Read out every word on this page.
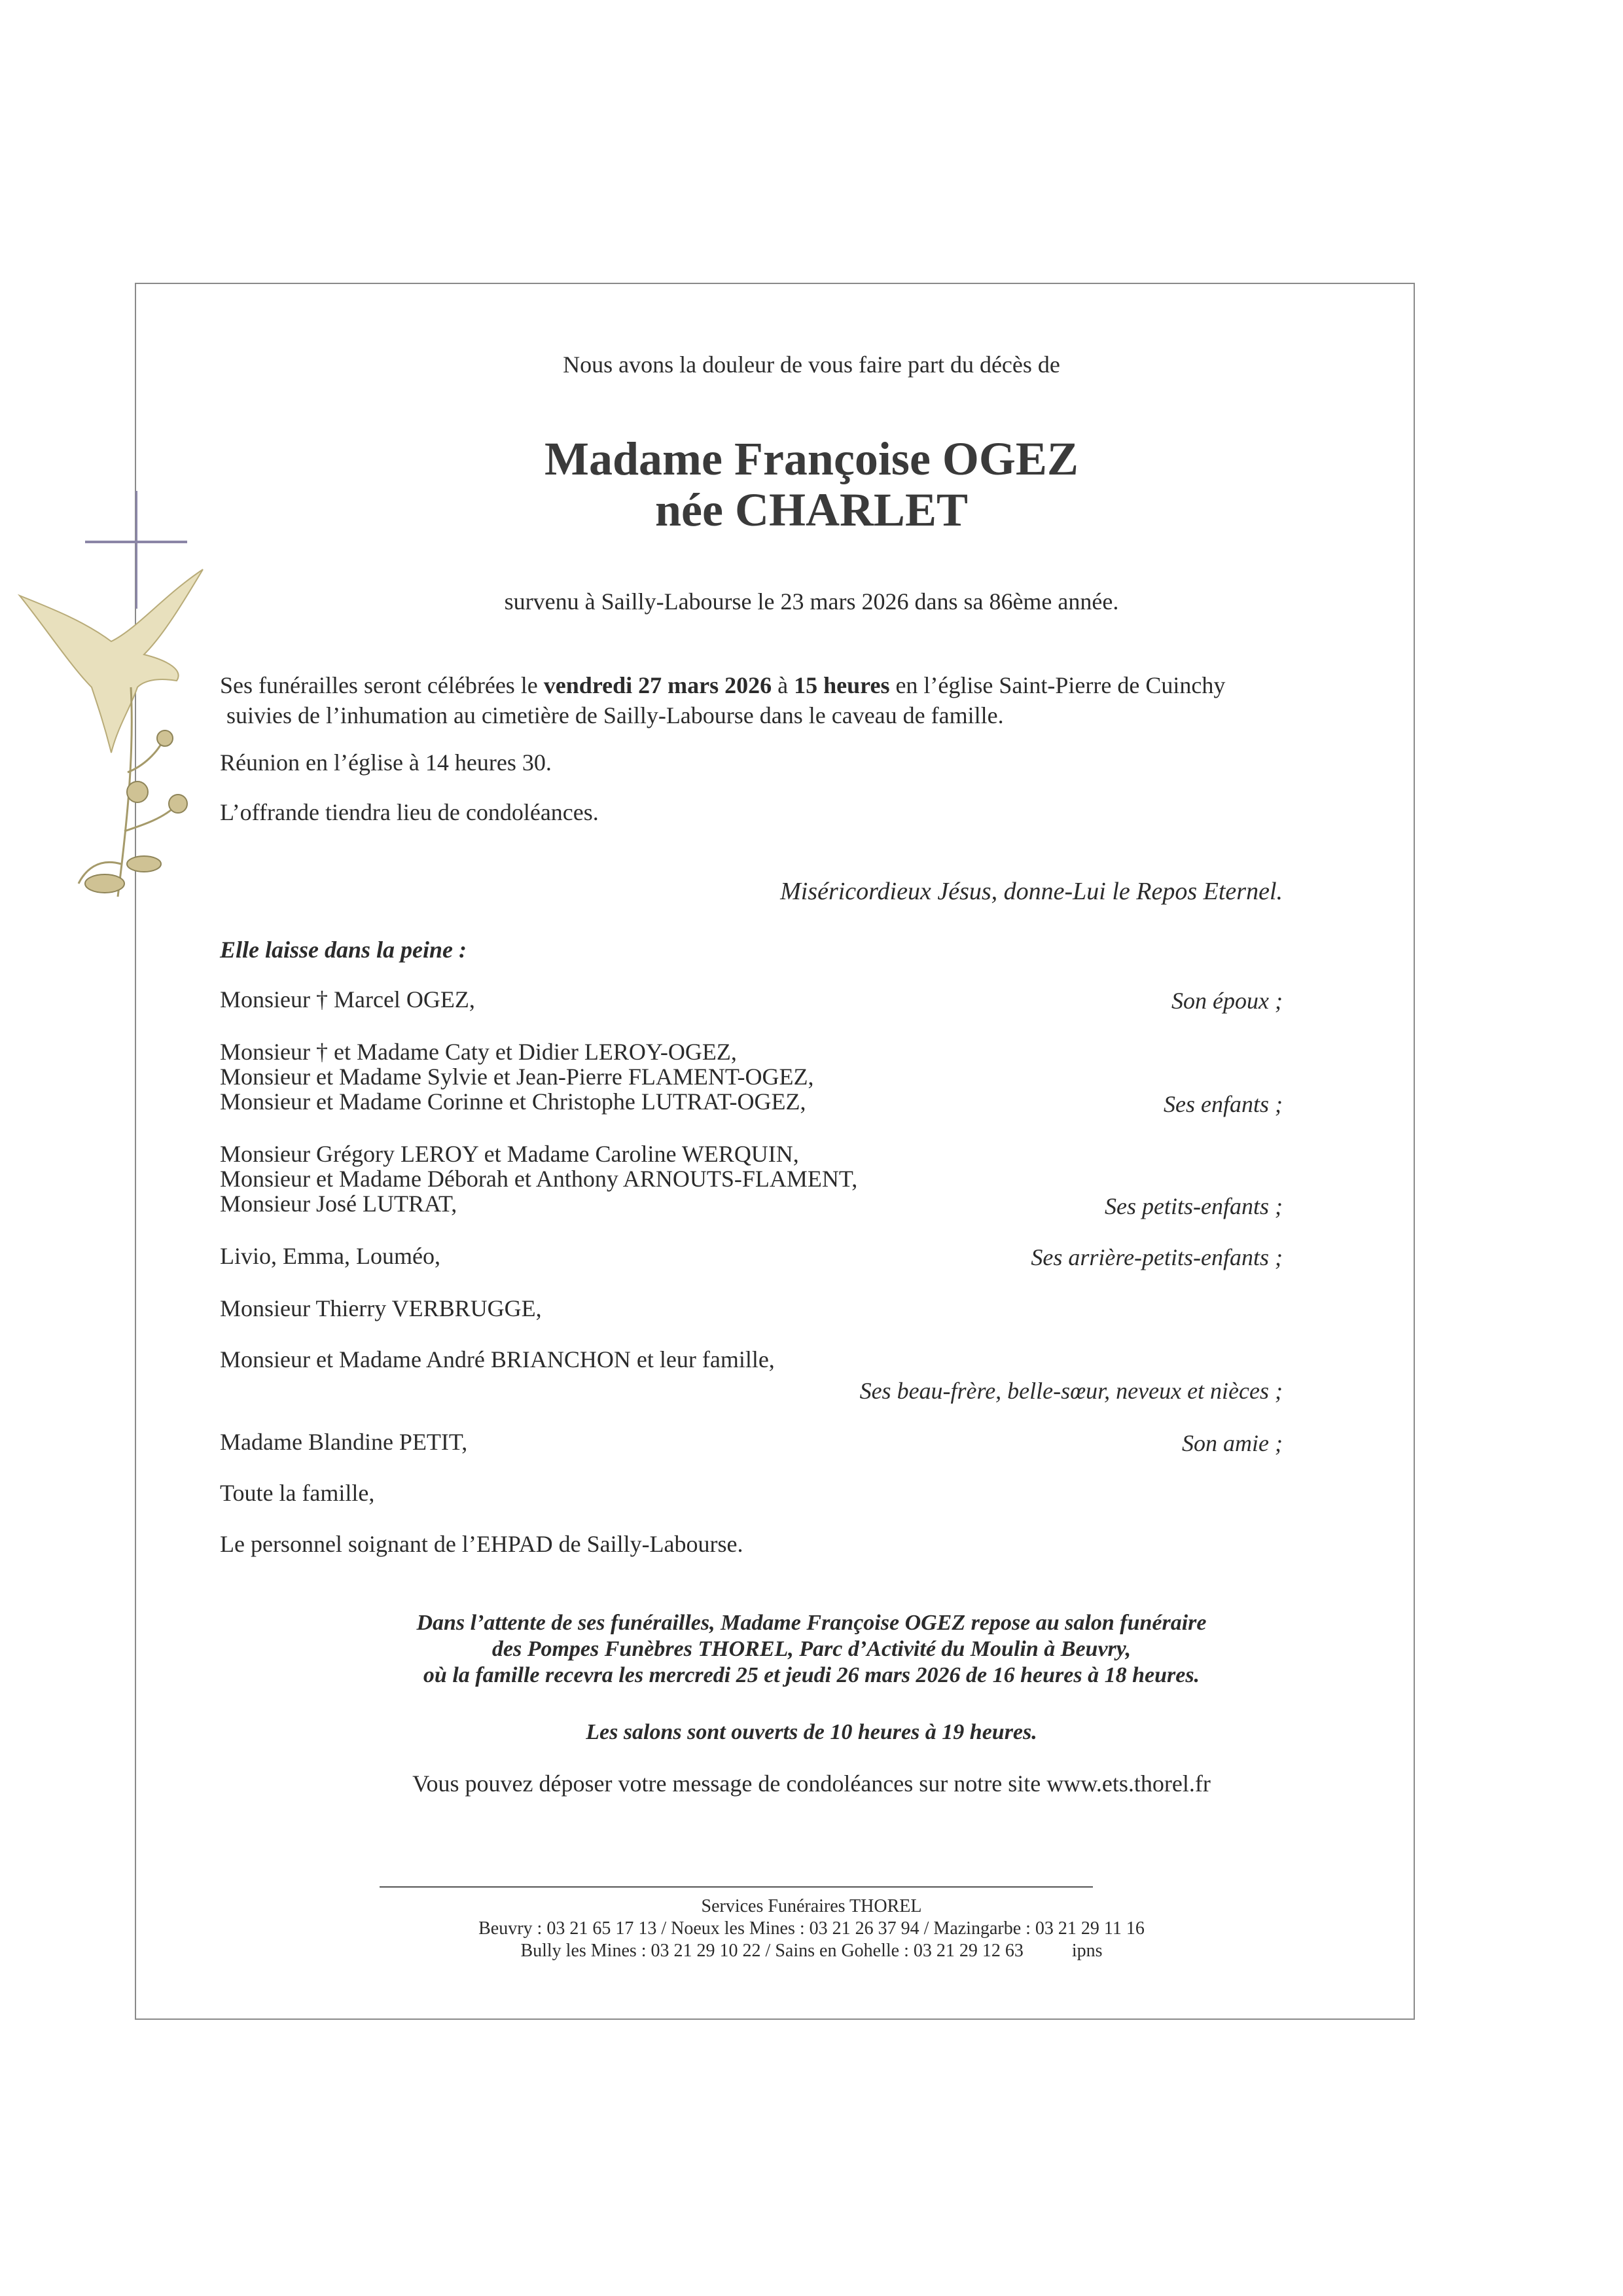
Nous avons la douleur de vous faire part du décès de

Madame Françoise OGEZ
née CHARLET

survenu à Sailly-Labourse le 23 mars 2026 dans sa 86ème année.

Ses funérailles seront célébrées le vendredi 27 mars 2026 à 15 heures en l’église Saint-Pierre de Cuinchy
suivies de l’inhumation au cimetière de Sailly-Labourse dans le caveau de famille.

Réunion en l’église à 14 heures 30.

L’offrande tiendra lieu de condoléances.

Miséricordieux Jésus, donne-Lui le Repos Eternel.

Elle laisse dans la peine :

Monsieur † Marcel OGEZ,	Son époux ;
Monsieur † et Madame Caty et Didier LEROY-OGEZ,
Monsieur et Madame Sylvie et Jean-Pierre FLAMENT-OGEZ,
Monsieur et Madame Corinne et Christophe LUTRAT-OGEZ,	Ses enfants ;
Monsieur Grégory LEROY et Madame Caroline WERQUIN,
Monsieur et Madame Déborah et Anthony ARNOUTS-FLAMENT,
Monsieur José LUTRAT,	Ses petits-enfants ;
Livio, Emma, Louméo,	Ses arrière-petits-enfants ;
Monsieur Thierry VERBRUGGE,
Monsieur et Madame André BRIANCHON et leur famille,
Ses beau-frère, belle-sœur, neveux et nièces ;
Madame Blandine PETIT,	Son amie ;
Toute la famille,
Le personnel soignant de l’EHPAD de Sailly-Labourse.
Dans l’attente de ses funérailles, Madame Françoise OGEZ repose au salon funéraire
des Pompes Funèbres THOREL, Parc d’Activité du Moulin à Beuvry,
où la famille recevra les mercredi 25 et jeudi 26 mars 2026 de 16 heures à 18 heures.

Les salons sont ouverts de 10 heures à 19 heures.

Vous pouvez déposer votre message de condoléances sur notre site www.ets.thorel.fr

Services Funéraires THOREL
Beuvry : 03 21 65 17 13 / Noeux les Mines : 03 21 26 37 94 / Mazingarbe : 03 21 29 11 16
Bully les Mines : 03 21 29 10 22 / Sains en Gohelle : 03 21 29 12 63	ipns
